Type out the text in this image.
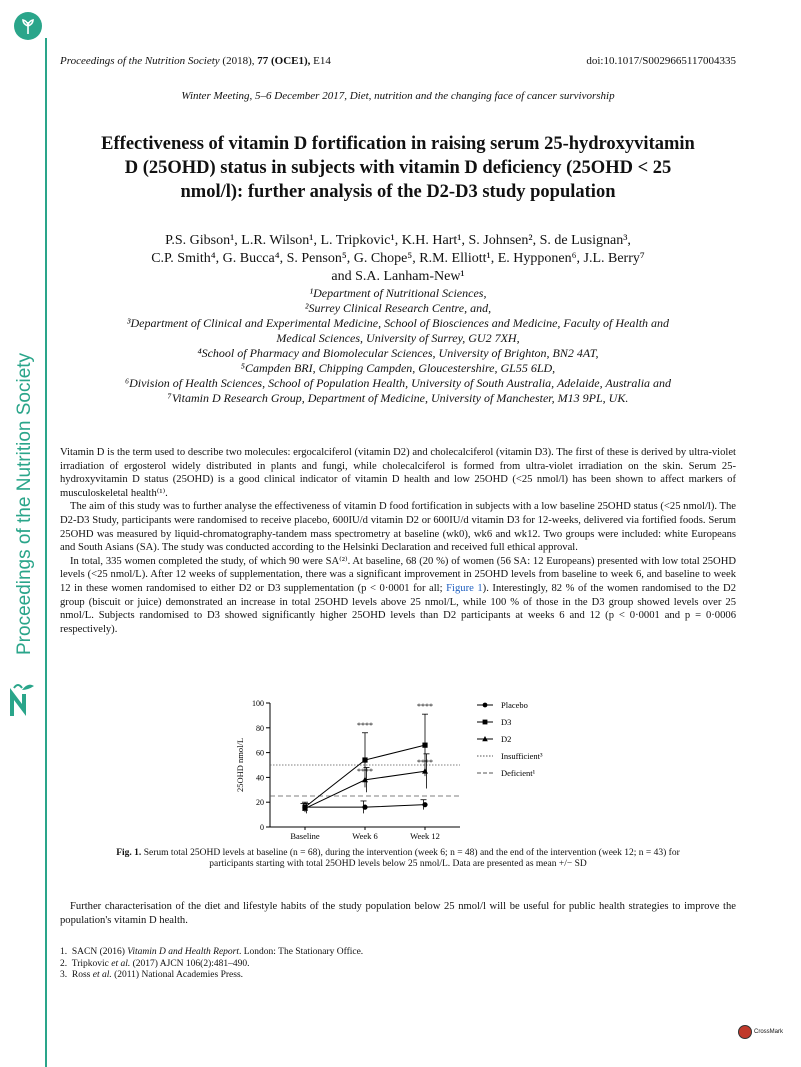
Proceedings of the Nutrition Society
Proceedings of the Nutrition Society (2018), 77 (OCE1), E14	doi:10.1017/S0029665117004335
Winter Meeting, 5–6 December 2017, Diet, nutrition and the changing face of cancer survivorship
Effectiveness of vitamin D fortification in raising serum 25-hydroxyvitamin
D (25OHD) status in subjects with vitamin D deficiency (25OHD < 25
nmol/l): further analysis of the D2-D3 study population
P.S. Gibson¹, L.R. Wilson¹, L. Tripkovic¹, K.H. Hart¹, S. Johnsen², S. de Lusignan³,
C.P. Smith⁴, G. Bucca⁴, S. Penson⁵, G. Chope⁵, R.M. Elliott¹, E. Hypponen⁶, J.L. Berry⁷
and S.A. Lanham-New¹
¹Department of Nutritional Sciences,
²Surrey Clinical Research Centre, and,
³Department of Clinical and Experimental Medicine, School of Biosciences and Medicine, Faculty of Health and
Medical Sciences, University of Surrey, GU2 7XH,
⁴School of Pharmacy and Biomolecular Sciences, University of Brighton, BN2 4AT,
⁵Campden BRI, Chipping Campden, Gloucestershire, GL55 6LD,
⁶Division of Health Sciences, School of Population Health, University of South Australia, Adelaide, Australia and
⁷Vitamin D Research Group, Department of Medicine, University of Manchester, M13 9PL, UK.

Vitamin D is the term used to describe two molecules: ergocalciferol (vitamin D2) and cholecalciferol (vitamin D3). The first of these is derived by ultra-violet irradiation of ergosterol widely distributed in plants and fungi, while cholecalciferol is formed from ultra-violet irradiation on the skin. Serum 25-hydroxyvitamin D status (25OHD) is a good clinical indicator of vitamin D health and low 25OHD (<25 nmol/l) has been shown to affect markers of musculoskeletal health⁽¹⁾.

The aim of this study was to further analyse the effectiveness of vitamin D food fortification in subjects with a low baseline 25OHD status (<25 nmol/l). The D2-D3 Study, participants were randomised to receive placebo, 600IU/d vitamin D2 or 600IU/d vitamin D3 for 12-weeks, delivered via fortified foods. Serum 25OHD was measured by liquid-chromatography-tandem mass spectrometry at baseline (wk0), wk6 and wk12. Two groups were included: white Europeans and South Asians (SA). The study was conducted according to the Helsinki Declaration and received full ethical approval.

In total, 335 women completed the study, of which 90 were SA⁽²⁾. At baseline, 68 (20 %) of women (56 SA: 12 Europeans) presented with low total 25OHD levels (<25 nmol/L). After 12 weeks of supplementation, there was a significant improvement in 25OHD levels from baseline to week 6, and baseline to week 12 in these women randomised to either D2 or D3 supplementation (p < 0·0001 for all; Figure 1). Interestingly, 82 % of the women randomised to the D2 group (biscuit or juice) demonstrated an increase in total 25OHD levels above 25 nmol/L, while 100 % of those in the D3 group showed levels over 25 nmol/L. Subjects randomised to D3 showed significantly higher 25OHD levels than D2 participants at weeks 6 and 12 (p < 0·0001 and p = 0·0006 respectively).

0
20
40
60
80
100
Baseline	Week 6	Week 12
25OHD nmol/L
****
****
****
****
Placebo
D3
D2
Insufficient³
Deficient¹
Fig. 1. Serum total 25OHD levels at baseline (n = 68), during the intervention (week 6; n = 48) and the end of the intervention (week 12; n = 43) for
participants starting with total 25OHD levels below 25 nmol/L. Data are presented as mean +/− SD
Further characterisation of the diet and lifestyle habits of the study population below 25 nmol/l will be useful for public health strategies to improve the population's vitamin D health.
1. SACN (2016) Vitamin D and Health Report. London: The Stationary Office.
2. Tripkovic et al. (2017) AJCN 106(2):481–490.
3. Ross et al. (2011) National Academies Press.
CrossMark
